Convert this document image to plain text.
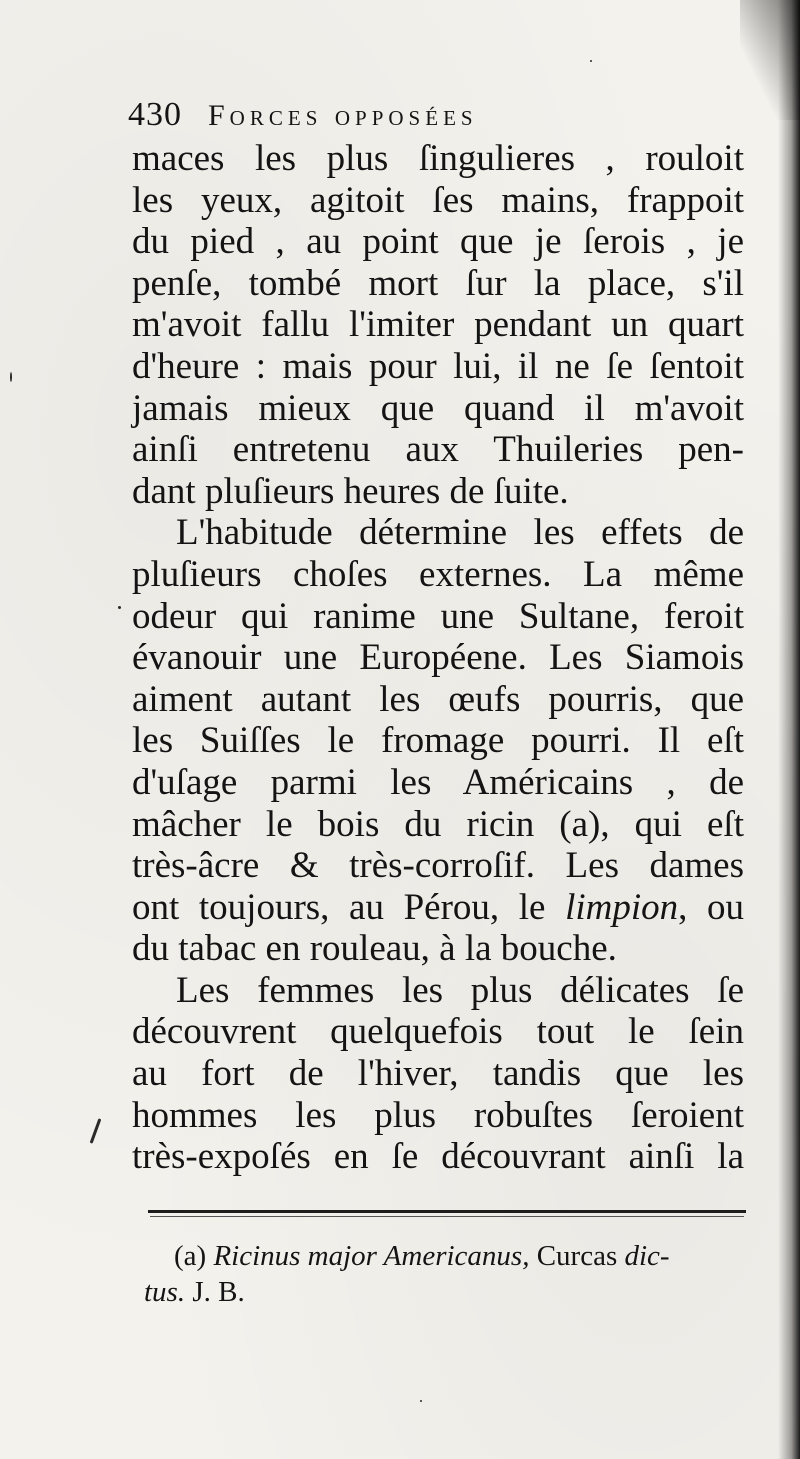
430 Forces opposées
maces les plus ſingulieres , rouloit
les yeux, agitoit ſes mains, frappoit
du pied , au point que je ſerois , je
penſe, tombé mort ſur la place, s'il
m'avoit fallu l'imiter pendant un quart
d'heure : mais pour lui, il ne ſe ſentoit
jamais mieux que quand il m'avoit
ainſi entretenu aux Thuileries pen-
dant pluſieurs heures de ſuite.
L'habitude détermine les effets de
pluſieurs choſes externes. La même
odeur qui ranime une Sultane, feroit
évanouir une Européene. Les Siamois
aiment autant les œufs pourris, que
les Suiſſes le fromage pourri. Il eſt
d'uſage parmi les Américains , de
mâcher le bois du ricin (a), qui eſt
très-âcre & très-corroſif. Les dames
ont toujours, au Pérou, le limpion, ou
du tabac en rouleau, à la bouche.
Les femmes les plus délicates ſe
découvrent quelquefois tout le ſein
au fort de l'hiver, tandis que les
hommes les plus robuſtes ſeroient
très-expoſés en ſe découvrant ainſi la
(a) Ricinus major Americanus, Curcas dic-
tus. J. B.
